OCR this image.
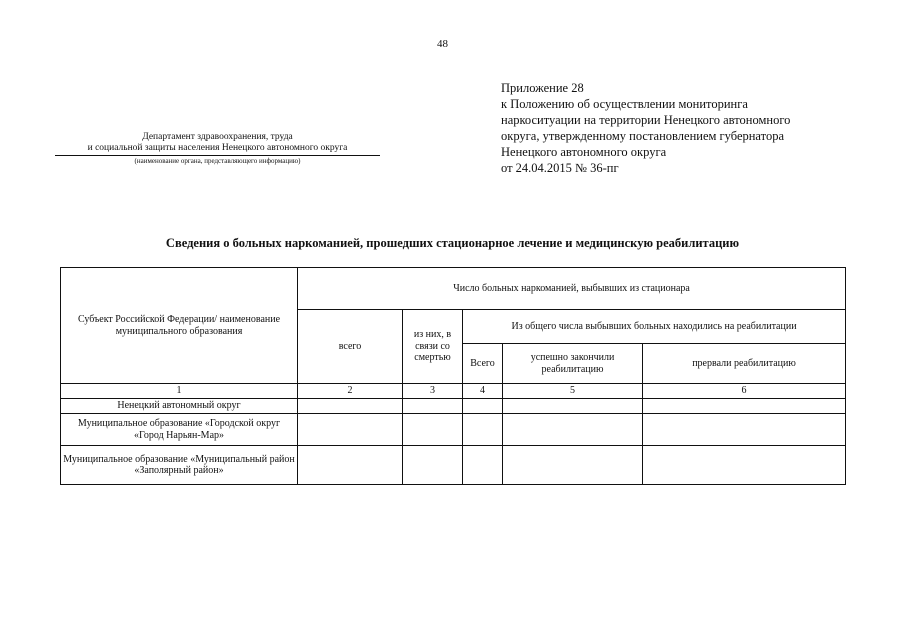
48
Приложение 28
к Положению об осуществлении мониторинга
наркоситуации на территории Ненецкого автономного
округа, утвержденному постановлением губернатора
Ненецкого автономного округа
от 24.04.2015 № 36-пг
Департамент здравоохранения, труда
и социальной защиты населения Ненецкого автономного округа
(наименование органа, представляющего информацию)
Сведения о больных наркоманией, прошедших стационарное лечение и медицинскую реабилитацию
Субъект Российской Федерации/ наименование муниципального образования	Число больных наркоманией, выбывших из стационара				
	всего	из них, в связи со смертью	Из общего числа выбывших больных находились на реабилитации		
			Всего	успешно закончили реабилитацию	прервали реабилитацию
1	2	3	4	5	6
Ненецкий автономный округ					
Муниципальное образование «Городской округ «Город Нарьян-Мар»					
Муниципальное образование «Муниципальный район «Заполярный район»					
